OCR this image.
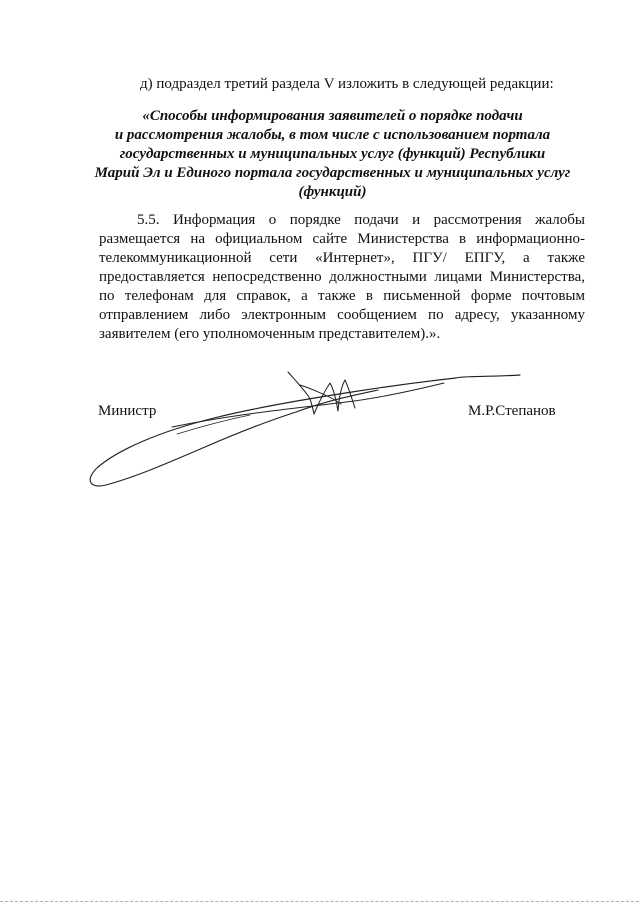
д) подраздел третий раздела V изложить в следующей редакции:
«Способы информирования заявителей о порядке подачи
и рассмотрения жалобы, в том числе с использованием портала
государственных и муниципальных услуг (функций) Республики
Марий Эл и Единого портала государственных и муниципальных услуг
(функций)
5.5. Информация о порядке подачи и рассмотрения жалобы
размещается на официальном сайте Министерства в информационно-
телекоммуникационной сети «Интернет», ПГУ/ ЕПГУ, а также
предоставляется непосредственно должностными лицами Министерства,
по телефонам для справок, а также в письменной форме почтовым
отправлением либо электронным сообщением по адресу, указанному
заявителем (его уполномоченным представителем).».
Министр	М.Р.Степанов
